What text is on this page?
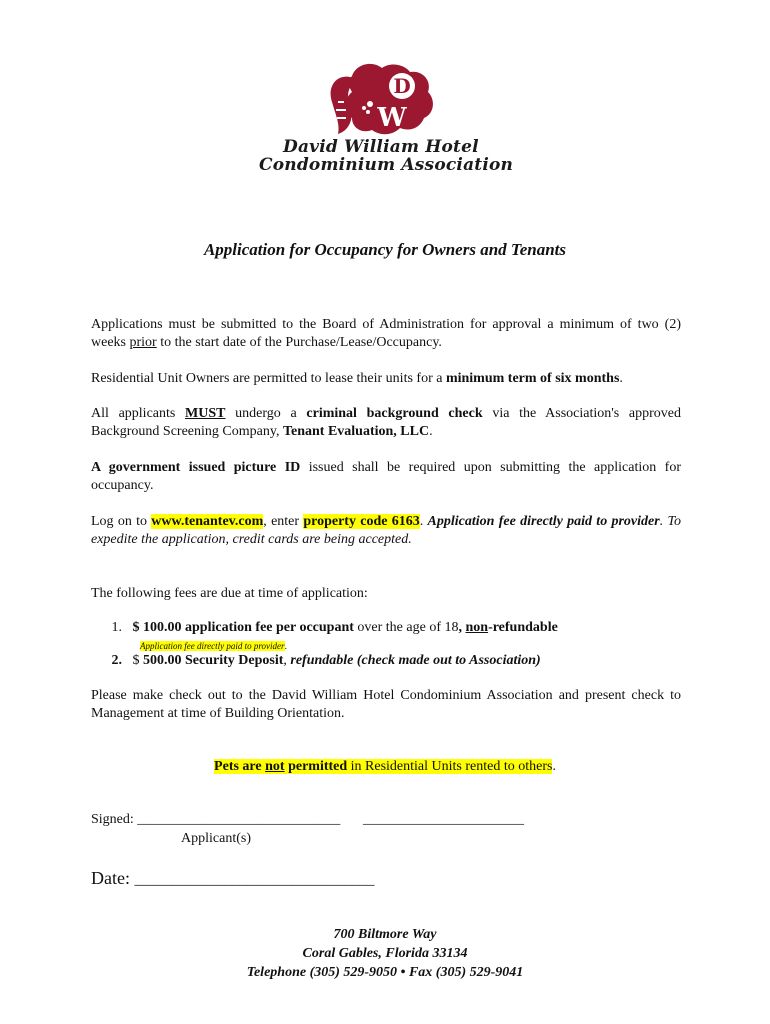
D
W
David William Hotel
Condominium Association
Application for Occupancy for Owners and Tenants
Applications must be submitted to the Board of Administration for approval a minimum of two (2) weeks prior to the start date of the Purchase/Lease/Occupancy.
Residential Unit Owners are permitted to lease their units for a minimum term of six months.
All applicants MUST undergo a criminal background check via the Association's approved Background Screening Company, Tenant Evaluation, LLC.
A government issued picture ID issued shall be required upon submitting the application for occupancy.
Log on to www.tenantev.com, enter property code 6163. Application fee directly paid to provider. To expedite the application, credit cards are being accepted.
The following fees are due at time of application:
1. $ 100.00 application fee per occupant over the age of 18, non-refundable
Application fee directly paid to provider.
2. $ 500.00 Security Deposit, refundable (check made out to Association)
Please make check out to the David William Hotel Condominium Association and present check to Management at time of Building Orientation.
Pets are not permitted in Residential Units rented to others.
Signed: _____________________________ _______________________
Applicant(s)
Date: ________________________________
700 Biltmore Way
Coral Gables, Florida 33134
Telephone (305) 529-9050 • Fax (305) 529-9041
